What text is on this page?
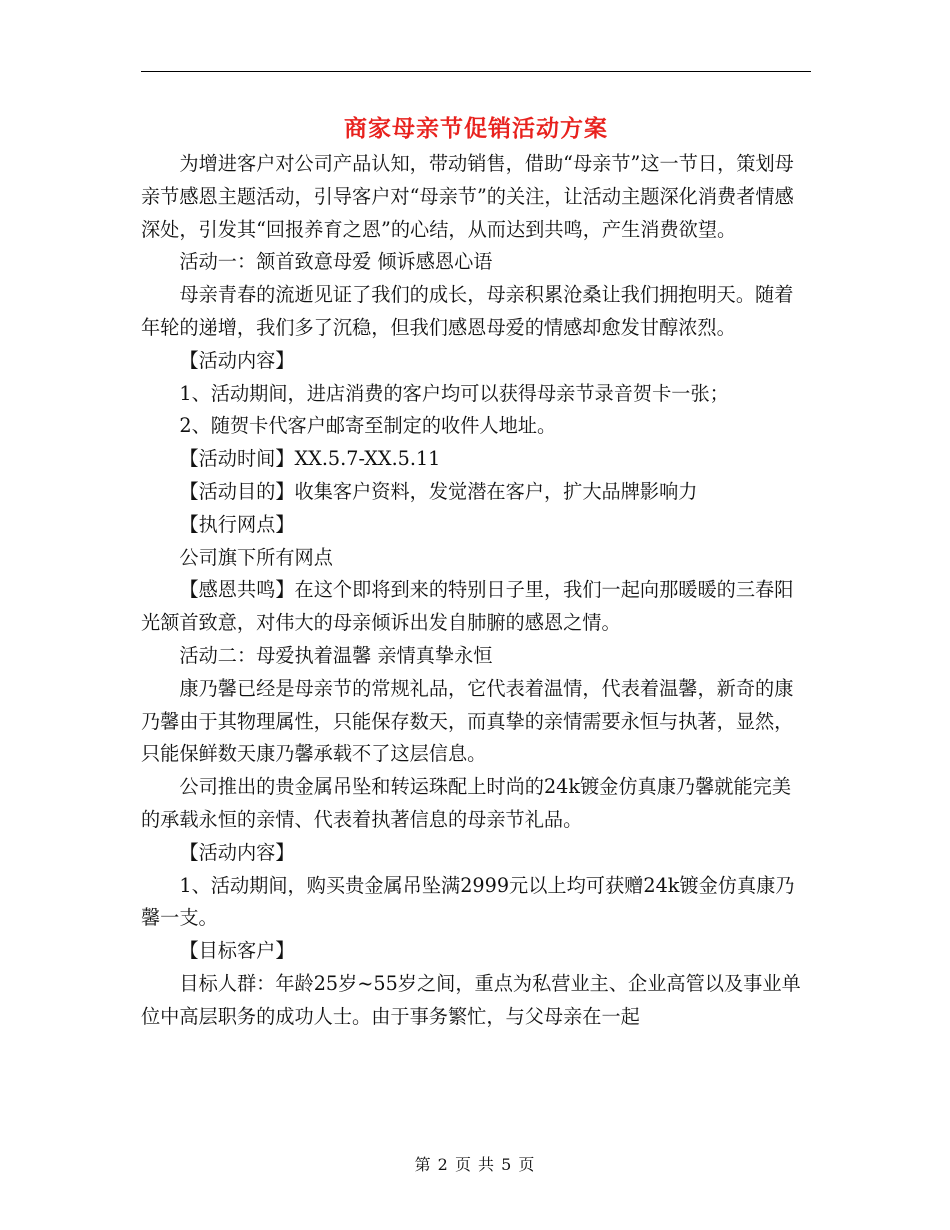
商家母亲节促销活动方案

为增进客户对公司产品认知，带动销售，借助“母亲节”这一节日，策划母亲节感恩主题活动，引导客户对“母亲节”的关注，让活动主题深化消费者情感深处，引发其“回报养育之恩”的心结，从而达到共鸣，产生消费欲望。

活动一：颔首致意母爱 倾诉感恩心语

母亲青春的流逝见证了我们的成长，母亲积累沧桑让我们拥抱明天。随着年轮的递增，我们多了沉稳，但我们感恩母爱的情感却愈发甘醇浓烈。

【活动内容】

1、活动期间，进店消费的客户均可以获得母亲节录音贺卡一张；

2、随贺卡代客户邮寄至制定的收件人地址。

【活动时间】XX.5.7-XX.5.11

【活动目的】收集客户资料，发觉潜在客户，扩大品牌影响力

【执行网点】

公司旗下所有网点

【感恩共鸣】在这个即将到来的特别日子里，我们一起向那暖暖的三春阳光颔首致意，对伟大的母亲倾诉出发自肺腑的感恩之情。

活动二：母爱执着温馨 亲情真挚永恒

康乃馨已经是母亲节的常规礼品，它代表着温情，代表着温馨，新奇的康乃馨由于其物理属性，只能保存数天，而真挚的亲情需要永恒与执著，显然，只能保鲜数天康乃馨承载不了这层信息。

公司推出的贵金属吊坠和转运珠配上时尚的24k镀金仿真康乃馨就能完美的承载永恒的亲情、代表着执著信息的母亲节礼品。

【活动内容】

1、活动期间，购买贵金属吊坠满2999元以上均可获赠24k镀金仿真康乃馨一支。

【目标客户】

目标人群：年龄25岁~55岁之间，重点为私营业主、企业高管以及事业单位中高层职务的成功人士。由于事务繁忙，与父母亲在一起

第 2 页 共 5 页
